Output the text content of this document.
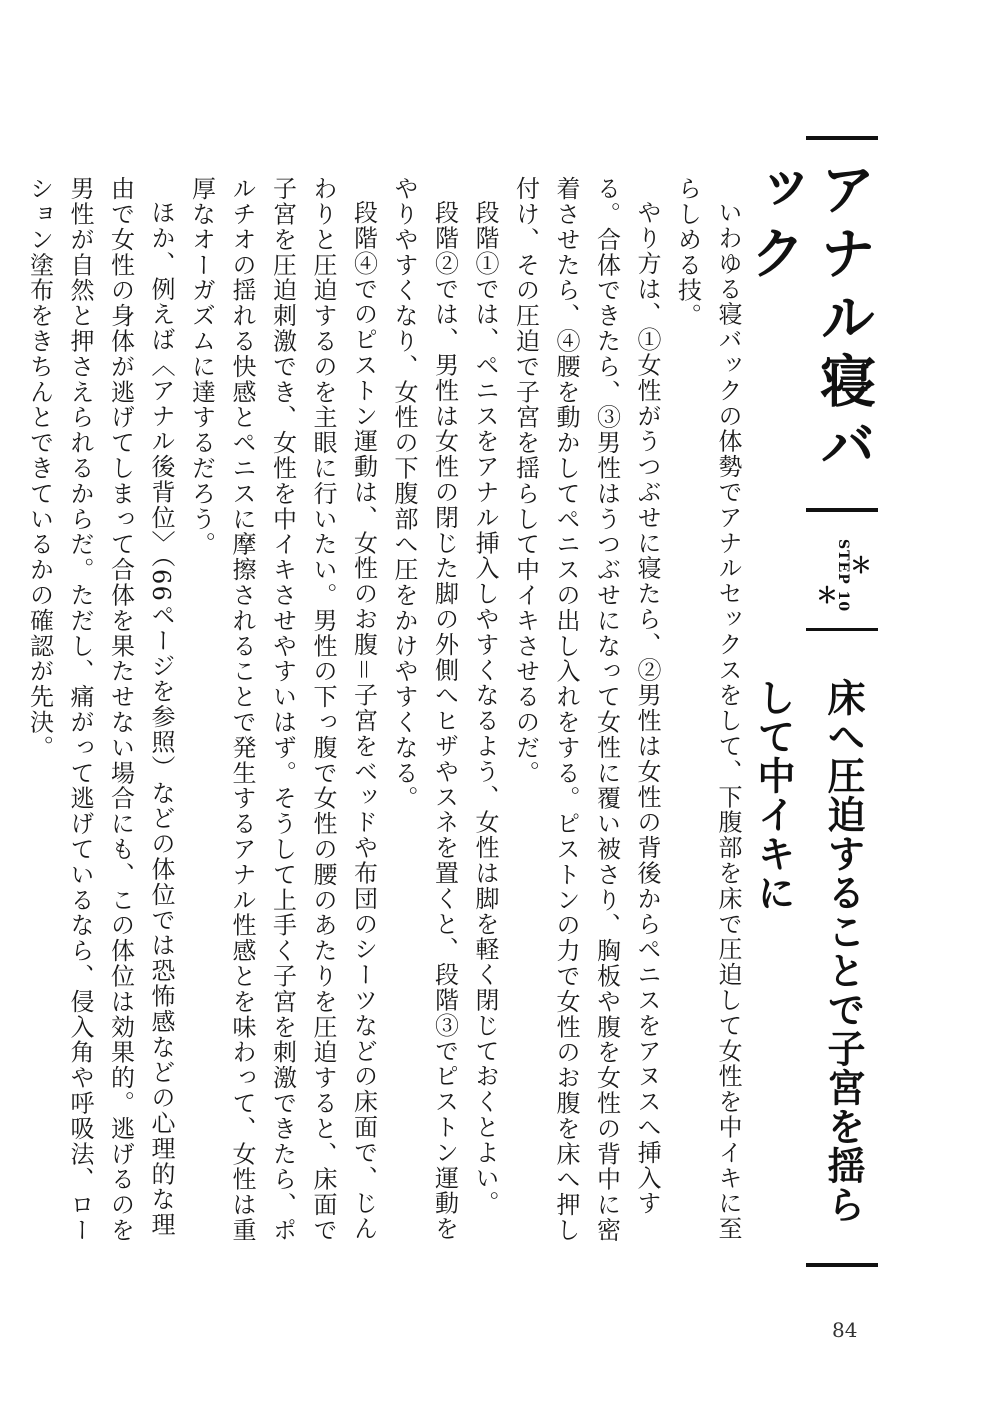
アナル寝バック
STEP 10 ＊
＊
床へ圧迫することで子宮を揺らして中イキに

いわゆる寝バックの体勢でアナルセックスをして、下腹部を床で圧迫して女性を中イキに至らしめる技。

やり方は、①女性がうつぶせに寝たら、②男性は女性の背後からペニスをアヌスへ挿入する。合体できたら、③男性はうつぶせになって女性に覆い被さり、胸板や腹を女性の背中に密着させたら、④腰を動かしてペニスの出し入れをする。ピストンの力で女性のお腹を床へ押し付け、その圧迫で子宮を揺らして中イキさせるのだ。

段階①では、ペニスをアナル挿入しやすくなるよう、女性は脚を軽く閉じておくとよい。

段階②では、男性は女性の閉じた脚の外側へヒザやスネを置くと、段階③でピストン運動をやりやすくなり、女性の下腹部へ圧をかけやすくなる。

段階④でのピストン運動は、女性のお腹＝子宮をベッドや布団のシーツなどの床面で、じんわりと圧迫するのを主眼に行いたい。男性の下っ腹で女性の腰のあたりを圧迫すると、床面で子宮を圧迫刺激でき、女性を中イキさせやすいはず。そうして上手く子宮を刺激できたら、ポルチオの揺れる快感とペニスに摩擦されることで発生するアナル性感とを味わって、女性は重厚なオーガズムに達するだろう。

ほか、例えば〈アナル後背位〉（66ページを参照）などの体位では恐怖感などの心理的な理由で女性の身体が逃げてしまって合体を果たせない場合にも、この体位は効果的。逃げるのを男性が自然と押さえられるからだ。ただし、痛がって逃げているなら、侵入角や呼吸法、ローション塗布をきちんとできているかの確認が先決。

84
